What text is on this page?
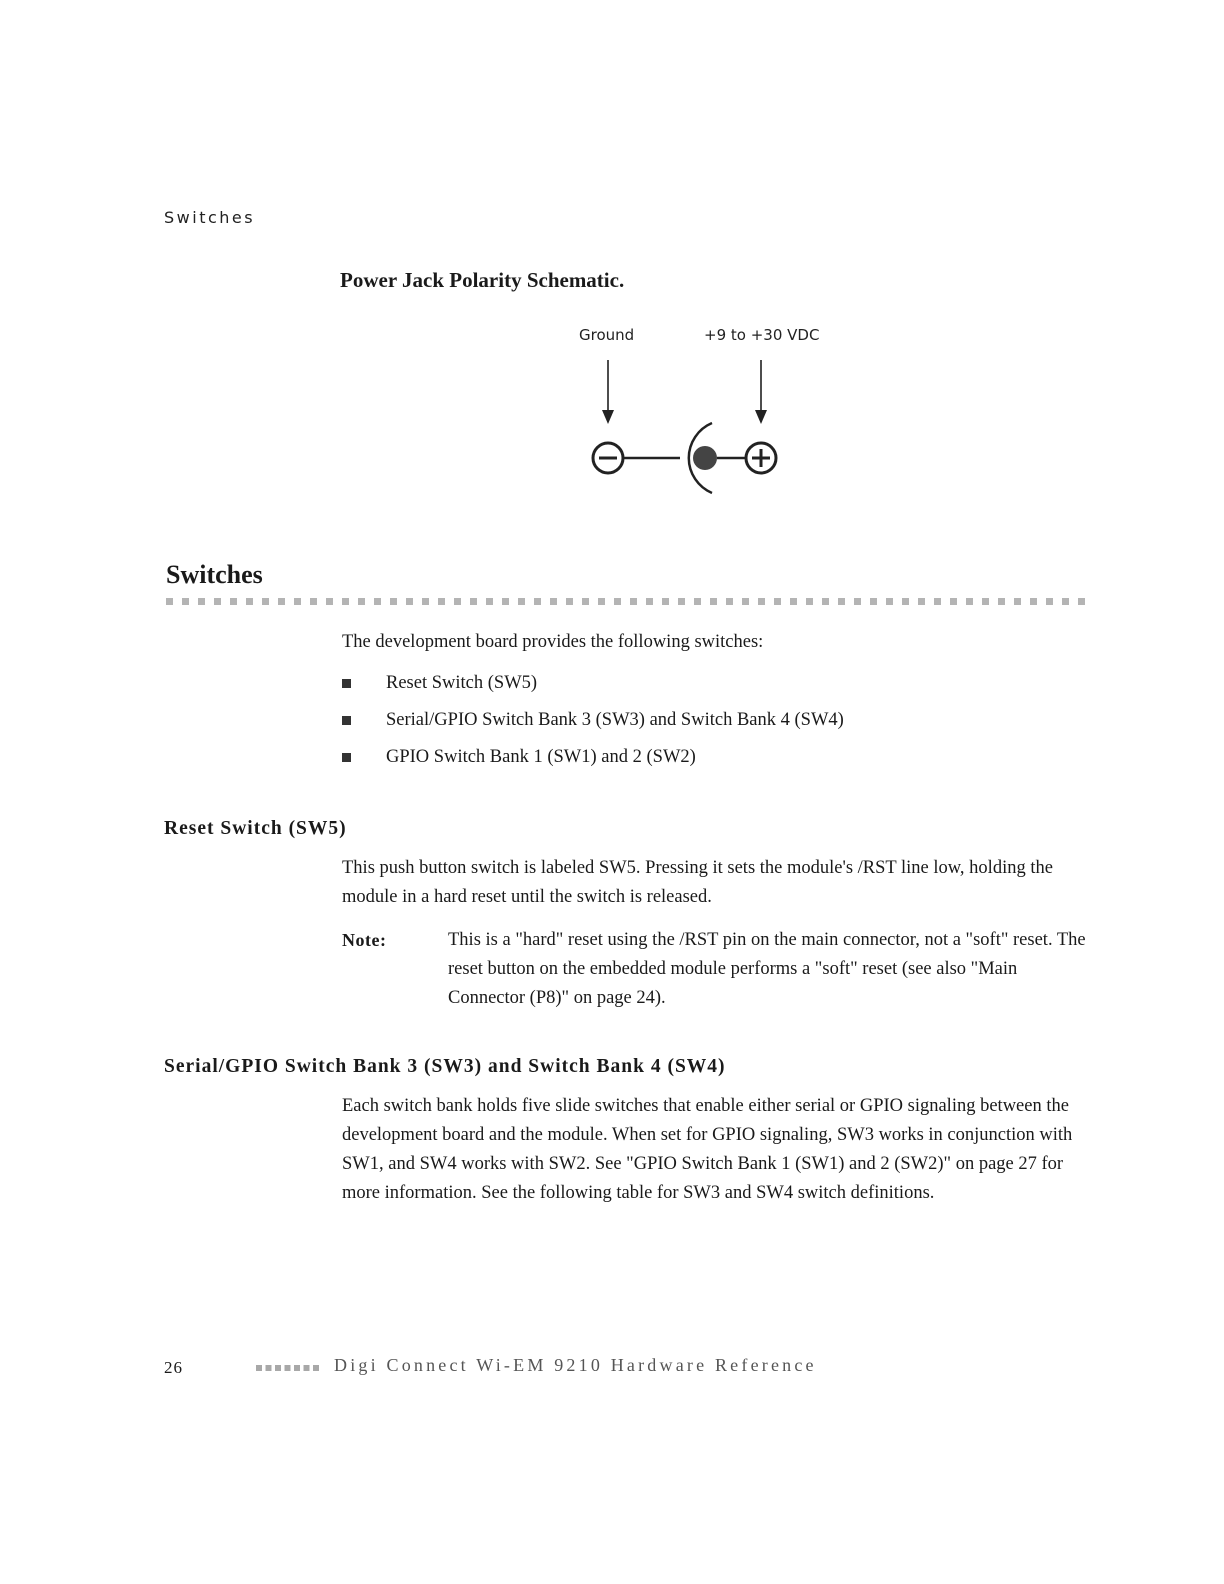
Switches
Power Jack Polarity Schematic.
Ground	+9 to +30 VDC
Switches
The development board provides the following switches:
Reset Switch (SW5)
Serial/GPIO Switch Bank 3 (SW3) and Switch Bank 4 (SW4)
GPIO Switch Bank 1 (SW1) and 2 (SW2)
Reset Switch (SW5)
This push button switch is labeled SW5. Pressing it sets the module's /RST line low, holding the module in a hard reset until the switch is released.
Note:	This is a "hard" reset using the /RST pin on the main connector, not a "soft" reset. The reset button on the embedded module performs a "soft" reset (see also "Main Connector (P8)" on page 24).
Serial/GPIO Switch Bank 3 (SW3) and Switch Bank 4 (SW4)
Each switch bank holds five slide switches that enable either serial or GPIO signaling between the development board and the module. When set for GPIO signaling, SW3 works in conjunction with SW1, and SW4 works with SW2. See "GPIO Switch Bank 1 (SW1) and 2 (SW2)" on page 27 for more information. See the following table for SW3 and SW4 switch definitions.
26	Digi Connect Wi-EM 9210 Hardware Reference
